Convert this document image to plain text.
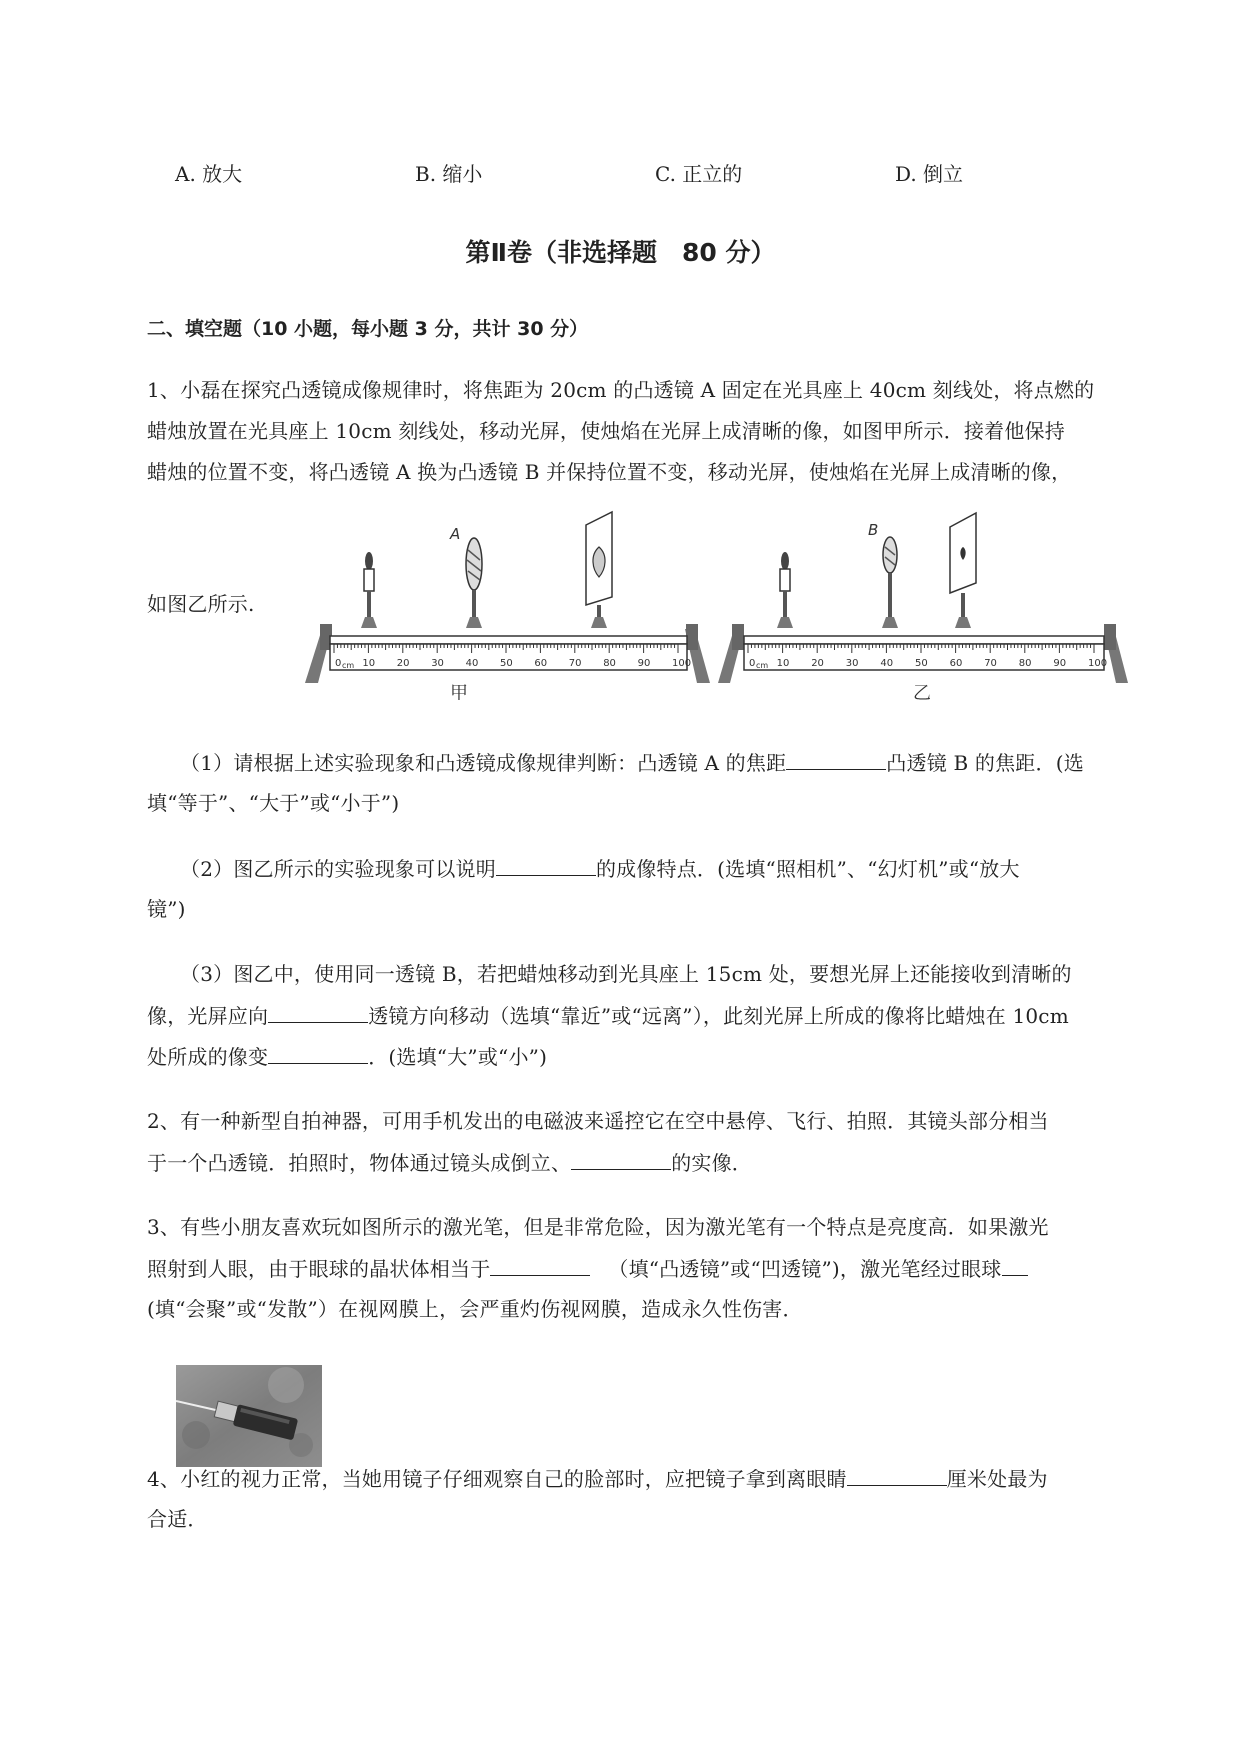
A. 放大	B. 缩小	C. 正立的	D. 倒立
第Ⅱ卷（非选择题　80 分）
二、填空题（10 小题，每小题 3 分，共计 30 分）
1、小磊在探究凸透镜成像规律时，将焦距为 20cm 的凸透镜 A 固定在光具座上 40cm 刻线处，将点燃的
蜡烛放置在光具座上 10cm 刻线处，移动光屏，使烛焰在光屏上成清晰的像，如图甲所示．接着他保持
蜡烛的位置不变，将凸透镜 A 换为凸透镜 B 并保持位置不变，移动光屏，使烛焰在光屏上成清晰的像，
如图乙所示.
0 10 20 30 40 50 60 70 80 90 100
cm
A
甲
0 10 20 30 40 50 60 70 80 90 100
cm
B
乙
（1）请根据上述实验现象和凸透镜成像规律判断：凸透镜 A 的焦距	凸透镜 B 的焦距．(选
填“等于”、“大于”或“小于”)
（2）图乙所示的实验现象可以说明	的成像特点．(选填“照相机”、“幻灯机”或“放大
镜”)
（3）图乙中，使用同一透镜 B，若把蜡烛移动到光具座上 15cm 处，要想光屏上还能接收到清晰的
像，光屏应向	透镜方向移动（选填“靠近”或“远离”），此刻光屏上所成的像将比蜡烛在 10cm
处所成的像变	．(选填“大”或“小”)
2、有一种新型自拍神器，可用手机发出的电磁波来遥控它在空中悬停、飞行、拍照．其镜头部分相当
于一个凸透镜．拍照时，物体通过镜头成倒立、	的实像．
3、有些小朋友喜欢玩如图所示的激光笔，但是非常危险，因为激光笔有一个特点是亮度高．如果激光
照射到人眼，由于眼球的晶状体相当于	（填“凸透镜”或“凹透镜”)，激光笔经过眼球
(填“会聚”或“发散”）在视网膜上，会严重灼伤视网膜，造成永久性伤害．
4、小红的视力正常，当她用镜子仔细观察自己的脸部时，应把镜子拿到离眼睛	厘米处最为
合适．
